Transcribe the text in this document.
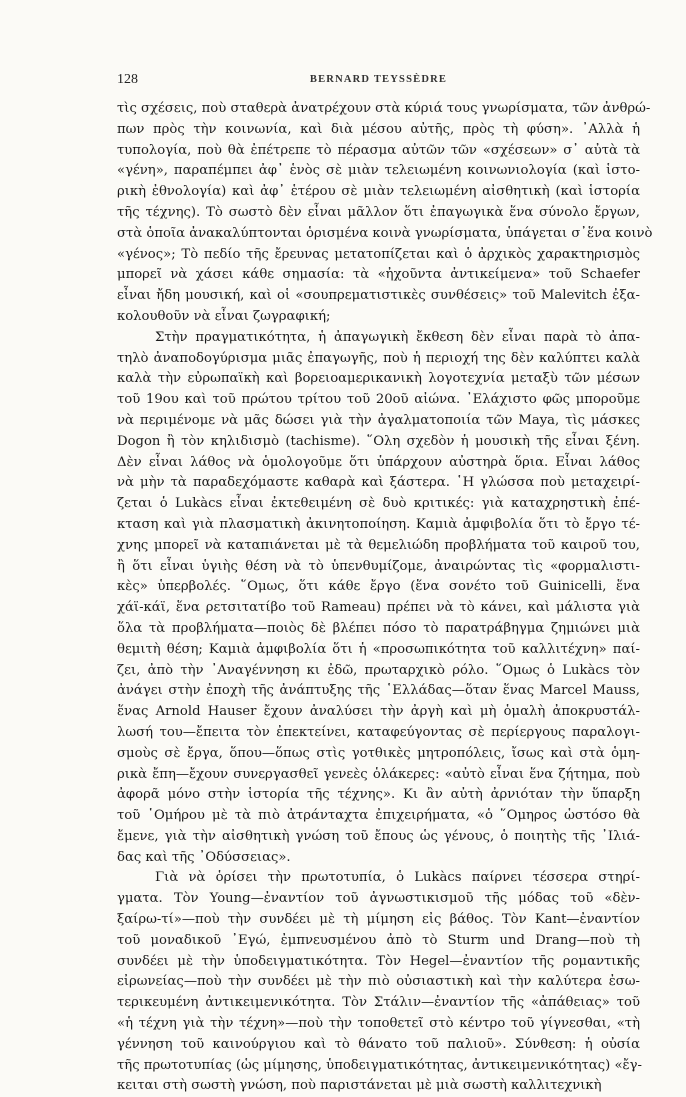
128	BERNARD TEYSSÈDRE
τὶς σχέσεις, ποὺ σταθερὰ ἀνατρέχουν στὰ κύριά τους γνωρίσματα, τῶν ἀνθρώ-
πων πρὸς τὴν κοινωνία, καὶ διὰ μέσου αὐτῆς, πρὸς τὴ φύση». ᾿Αλλὰ ἡ
τυπολογία, ποὺ θὰ ἐπέτρεπε τὸ πέρασμα αὐτῶν τῶν «σχέσεων» σ᾿ αὐτὰ τὰ
«γένη», παραπέμπει ἀφ᾿ ἑνὸς σὲ μιὰν τελειωμένη κοινωνιολογία (καὶ ἱστο-
ρικὴ ἐθνολογία) καὶ ἀφ᾿ ἑτέρου σὲ μιὰν τελειωμένη αἰσθητικὴ (καὶ ἱστορία
τῆς τέχνης). Τὸ σωστὸ δὲν εἶναι μᾶλλον ὅτι ἐπαγωγικὰ ἕνα σύνολο ἔργων,
στὰ ὁποῖα ἀνακαλύπτονται ὁρισμένα κοινὰ γνωρίσματα, ὑπάγεται σ᾿ἕνα κοινὸ
«γένος»; Τὸ πεδίο τῆς ἔρευνας μετατοπίζεται καὶ ὁ ἀρχικὸς χαρακτηρισμὸς
μπορεῖ νὰ χάσει κάθε σημασία: τὰ «ἠχοῦντα ἀντικείμενα» τοῦ Schaefer
εἶναι ἤδη μουσική, καὶ οἱ «σουπρεματιστικὲς συνθέσεις» τοῦ Malevitch ἐξα-
κολουθοῦν νὰ εἶναι ζωγραφική;
Στὴν πραγματικότητα, ἡ ἀπαγωγικὴ ἔκθεση δὲν εἶναι παρὰ τὸ ἀπα-
τηλὸ ἀναποδογύρισμα μιᾶς ἐπαγωγῆς, ποὺ ἡ περιοχή της δὲν καλύπτει καλὰ
καλὰ τὴν εὐρωπαϊκὴ καὶ βορειοαμερικανικὴ λογοτεχνία μεταξὺ τῶν μέσων
τοῦ 19ου καὶ τοῦ πρώτου τρίτου τοῦ 20οῦ αἰώνα. ᾿Ελάχιστο φῶς μποροῦμε
νὰ περιμένομε νὰ μᾶς δώσει γιὰ τὴν ἀγαλματοποιία τῶν Maya, τὶς μάσκες
Dogon ἢ τὸν κηλιδισμὸ (tachisme). ῞Ολη σχεδὸν ἡ μουσικὴ τῆς εἶναι ξένη.
Δὲν εἶναι λάθος νὰ ὁμολογοῦμε ὅτι ὑπάρχουν αὐστηρὰ ὅρια. Εἶναι λάθος
νὰ μὴν τὰ παραδεχόμαστε καθαρὰ καὶ ξάστερα. ῾Η γλώσσα ποὺ μεταχειρί-
ζεται ὁ Lukàcs εἶναι ἐκτεθειμένη σὲ δυὸ κριτικές: γιὰ καταχρηστικὴ ἐπέ-
κταση καὶ γιὰ πλασματικὴ ἀκινητοποίηση. Καμιὰ ἀμφιβολία ὅτι τὸ ἔργο τέ-
χνης μπορεῖ νὰ καταπιάνεται μὲ τὰ θεμελιώδη προβλήματα τοῦ καιροῦ του,
ἢ ὅτι εἶναι ὑγιὴς θέση νὰ τὸ ὑπενθυμίζομε, ἀναιρώντας τὶς «φορμαλιστι-
κὲς» ὑπερβολές. ῞Ομως, ὅτι κάθε ἔργο (ἕνα σονέτο τοῦ Guinicelli, ἕνα
χάϊ-κάϊ, ἕνα ρετσιτατίβο τοῦ Rameau) πρέπει νὰ τὸ κάνει, καὶ μάλιστα γιὰ
ὅλα τὰ προβλήματα—ποιὸς δὲ βλέπει πόσο τὸ παρατράβηγμα ζημιώνει μιὰ
θεμιτὴ θέση; Καμιὰ ἀμφιβολία ὅτι ἡ «προσωπικότητα τοῦ καλλιτέχνη» παί-
ζει, ἀπὸ τὴν ᾿Αναγέννηση κι ἐδῶ, πρωταρχικὸ ρόλο. ῞Ομως ὁ Lukàcs τὸν
ἀνάγει στὴν ἐποχὴ τῆς ἀνάπτυξης τῆς ῾Ελλάδας—ὅταν ἕνας Marcel Mauss,
ἕνας Arnold Hauser ἔχουν ἀναλύσει τὴν ἀργὴ καὶ μὴ ὁμαλὴ ἀποκρυστάλ-
λωσή του—ἔπειτα τὸν ἐπεκτείνει, καταφεύγοντας σὲ περίεργους παραλογι-
σμοὺς σὲ ἔργα, ὅπου—ὅπως στὶς γοτθικὲς μητροπόλεις, ἴσως καὶ στὰ ὁμη-
ρικὰ ἔπη—ἔχουν συνεργασθεῖ γενεὲς ὁλάκερες: «αὐτὸ εἶναι ἕνα ζήτημα, ποὺ
ἀφορᾶ μόνο στὴν ἱστορία τῆς τέχνης». Κι ἂν αὐτὴ ἀρνιόταν τὴν ὕπαρξη
τοῦ ῾Ομήρου μὲ τὰ πιὸ ἀτράνταχτα ἐπιχειρήματα, «ὁ ῞Ομηρος ὡστόσο θὰ
ἔμενε, γιὰ τὴν αἰσθητικὴ γνώση τοῦ ἔπους ὡς γένους, ὁ ποιητὴς τῆς ᾿Ιλιά-
δας καὶ τῆς ᾿Οδύσσειας».
Γιὰ νὰ ὁρίσει τὴν πρωτοτυπία, ὁ Lukàcs παίρνει τέσσερα στηρί-
γματα. Τὸν Young—ἐναντίον τοῦ ἀγνωστικισμοῦ τῆς μόδας τοῦ «δὲν-
ξαίρω-τί»—ποὺ τὴν συνδέει μὲ τὴ μίμηση εἰς βάθος. Τὸν Kant—ἐναντίον
τοῦ μοναδικοῦ ᾿Εγώ, ἐμπνευσμένου ἀπὸ τὸ Sturm und Drang—ποὺ τὴ
συνδέει μὲ τὴν ὑποδειγματικότητα. Τὸν Hegel—ἐναντίον τῆς ρομαντικῆς
εἰρωνείας—ποὺ τὴν συνδέει μὲ τὴν πιὸ οὐσιαστικὴ καὶ τὴν καλύτερα ἐσω-
τερικευμένη ἀντικειμενικότητα. Τὸν Στάλιν—ἐναντίον τῆς «ἀπάθειας» τοῦ
«ἡ τέχνη γιὰ τὴν τέχνη»—ποὺ τὴν τοποθετεῖ στὸ κέντρο τοῦ γίγνεσθαι, «τὴ
γέννηση τοῦ καινούργιου καὶ τὸ θάνατο τοῦ παλιοῦ». Σύνθεση: ἡ οὐσία
τῆς πρωτοτυπίας (ὡς μίμησης, ὑποδειγματικότητας, ἀντικειμενικότητας) «ἔγ-
κειται στὴ σωστὴ γνώση, ποὺ παριστάνεται μὲ μιὰ σωστὴ καλλιτεχνικὴ
